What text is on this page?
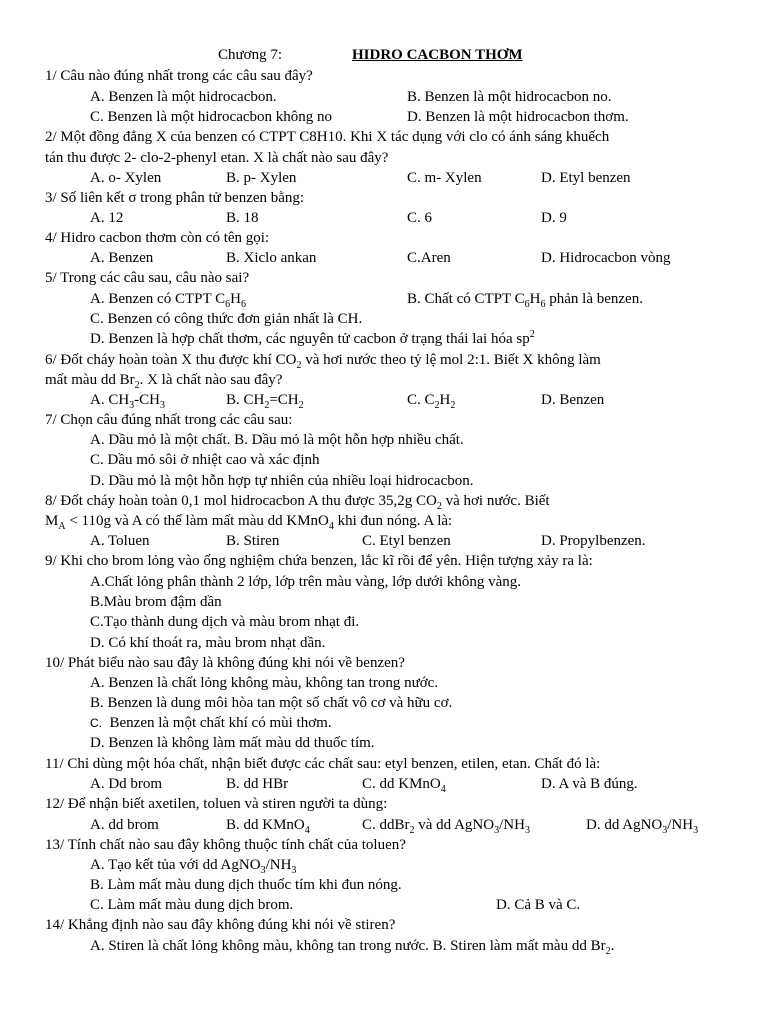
Chương 7:	HIDRO CACBON THƠM
1/ Câu nào đúng nhất trong các câu sau đây?
A. Benzen là một hidrocacbon.	B. Benzen là một hidrocacbon no.
C. Benzen là một hidrocacbon không no	D. Benzen là một hidrocacbon thơm.
2/ Một đồng đẳng X của benzen có CTPT C8H10. Khi X tác dụng với clo có ánh sáng khuếch
tán thu được 2- clo-2-phenyl etan. X là chất nào sau đây?
A. o- Xylen	B. p- Xylen	C. m- Xylen	D. Etyl benzen
3/ Số liên kết σ trong phân tử benzen bằng:
A. 12	B. 18	C. 6	D. 9
4/ Hidro cacbon thơm còn có tên gọi:
A. Benzen	B. Xiclo ankan	C.Aren	D. Hidrocacbon vòng
5/ Trong các câu sau, câu nào sai?
A. Benzen có CTPT $C_6H_6$	B. Chất có CTPT $C_6H_6$ phản là benzen.
C. Benzen có công thức đơn giản nhất là CH.
D. Benzen là hợp chất thơm, các nguyên tử cacbon ở trạng thái lai hóa $sp^2$
6/ Đốt cháy hoàn toàn X thu được khí $CO_2$ và hơi nước theo tỷ lệ mol 2:1. Biết X không làm
mất màu dd $Br_2$. X là chất nào sau đây?
A. $CH_3-CH_3$	B. $CH_2=CH_2$	C. $C_2H_2$	D. Benzen
7/ Chọn câu đúng nhất trong các câu sau:
A. Dầu mỏ là một chất. B. Dầu mỏ là một hỗn hợp nhiều chất.
C. Dầu mỏ sôi ở nhiệt cao và xác định
D. Dầu mỏ là một hỗn hợp tự nhiên của nhiều loại hidrocacbon.
8/ Đốt cháy hoàn toàn 0,1 mol hidrocacbon A thu được 35,2g $CO_2$ và hơi nước. Biết
$M_A < 110g$ và A có thể làm mất màu dd KMnO$_4$ khi đun nóng. A là:
A. Toluen	B. Stiren	C. Etyl benzen	D. Propylbenzen.
9/ Khi cho brom lỏng vào ống nghiệm chứa benzen, lắc kĩ rồi để yên. Hiện tượng xảy ra là:
A.Chất lỏng phân thành 2 lớp, lớp trên màu vàng, lớp dưới không vàng.
B.Màu brom đậm dần
C.Tạo thành dung dịch và màu brom nhạt đi.
D. Có khí thoát ra, màu brom nhạt dần.
10/ Phát biểu nào sau đây là không đúng khi nói về benzen?
A. Benzen là chất lỏng không màu, không tan trong nước.
B. Benzen là dung môi hòa tan một số chất vô cơ và hữu cơ.
C. Benzen là một chất khí có mùi thơm.
D. Benzen là không làm mất màu dd thuốc tím.
11/ Chỉ dùng một hóa chất, nhận biết được các chất sau: etyl benzen, etilen, etan. Chất đó là:
A. Dd brom	B. dd HBr	C. dd KMnO$_4$	D. A và B đúng.
12/ Để nhận biết axetilen, toluen và stiren người ta dùng:
A. dd brom	B. dd KMnO$_4$	C. ddBr$_2$ và dd $AgNO_3/NH_3$	D. dd $AgNO_3/NH_3$
13/ Tính chất nào sau đây không thuộc tính chất của toluen?
A. Tạo kết tủa với dd $AgNO_3/NH_3$
B. Làm mất màu dung dịch thuốc tím khi đun nóng.
C. Làm mất màu dung dịch brom.	D. Cả B và C.
14/ Khẳng định nào sau đây không đúng khi nói về stiren?
A. Stiren là chất lỏng không màu, không tan trong nước. B. Stiren làm mất màu dd $Br_2$.
